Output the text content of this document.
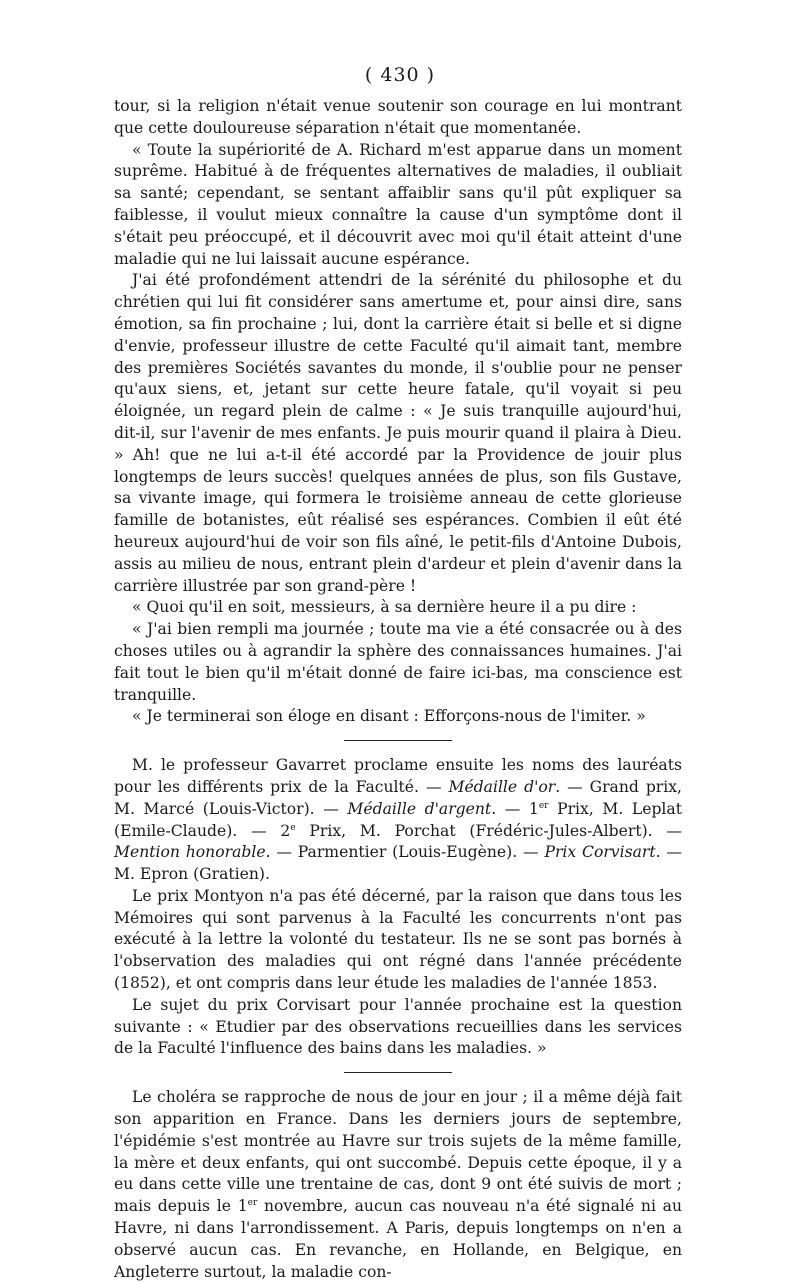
( 430 )

tour, si la religion n'était venue soutenir son courage en lui montrant que cette douloureuse séparation n'était que momentanée.

« Toute la supériorité de A. Richard m'est apparue dans un moment suprême. Habitué à de fréquentes alternatives de maladies, il oubliait sa santé; cependant, se sentant affaiblir sans qu'il pût expliquer sa faiblesse, il voulut mieux connaître la cause d'un symptôme dont il s'était peu préoccupé, et il découvrit avec moi qu'il était atteint d'une maladie qui ne lui laissait aucune espérance.

J'ai été profondément attendri de la sérénité du philosophe et du chrétien qui lui fit considérer sans amertume et, pour ainsi dire, sans émotion, sa fin prochaine ; lui, dont la carrière était si belle et si digne d'envie, professeur illustre de cette Faculté qu'il aimait tant, membre des premières Sociétés savantes du monde, il s'oublie pour ne penser qu'aux siens, et, jetant sur cette heure fatale, qu'il voyait si peu éloignée, un regard plein de calme : « Je suis tranquille aujourd'hui, dit-il, sur l'avenir de mes enfants. Je puis mourir quand il plaira à Dieu. » Ah! que ne lui a-t-il été accordé par la Providence de jouir plus longtemps de leurs succès! quelques années de plus, son fils Gustave, sa vivante image, qui formera le troisième anneau de cette glorieuse famille de botanistes, eût réalisé ses espérances. Combien il eût été heureux aujourd'hui de voir son fils aîné, le petit-fils d'Antoine Dubois, assis au milieu de nous, entrant plein d'ardeur et plein d'avenir dans la carrière illustrée par son grand-père !

« Quoi qu'il en soit, messieurs, à sa dernière heure il a pu dire :

« J'ai bien rempli ma journée ; toute ma vie a été consacrée ou à des choses utiles ou à agrandir la sphère des connaissances humaines. J'ai fait tout le bien qu'il m'était donné de faire ici-bas, ma conscience est tranquille.

« Je terminerai son éloge en disant : Efforçons-nous de l'imiter. »

M. le professeur Gavarret proclame ensuite les noms des lauréats pour les différents prix de la Faculté. — Médaille d'or. — Grand prix, M. Marcé (Louis-Victor). — Médaille d'argent. — 1er Prix, M. Leplat (Emile-Claude). — 2e Prix, M. Porchat (Frédéric-Jules-Albert). — Mention honorable. — Parmentier (Louis-Eugène). — Prix Corvisart. — M. Epron (Gratien).

Le prix Montyon n'a pas été décerné, par la raison que dans tous les Mémoires qui sont parvenus à la Faculté les concurrents n'ont pas exécuté à la lettre la volonté du testateur. Ils ne se sont pas bornés à l'observation des maladies qui ont régné dans l'année précédente (1852), et ont compris dans leur étude les maladies de l'année 1853.

Le sujet du prix Corvisart pour l'année prochaine est la question suivante : « Etudier par des observations recueillies dans les services de la Faculté l'influence des bains dans les maladies. »

Le choléra se rapproche de nous de jour en jour ; il a même déjà fait son apparition en France. Dans les derniers jours de septembre, l'épidémie s'est montrée au Havre sur trois sujets de la même famille, la mère et deux enfants, qui ont succombé. Depuis cette époque, il y a eu dans cette ville une trentaine de cas, dont 9 ont été suivis de mort ; mais depuis le 1er novembre, aucun cas nouveau n'a été signalé ni au Havre, ni dans l'arrondissement. A Paris, depuis longtemps on n'en a observé aucun cas. En revanche, en Hollande, en Belgique, en Angleterre surtout, la maladie con-
